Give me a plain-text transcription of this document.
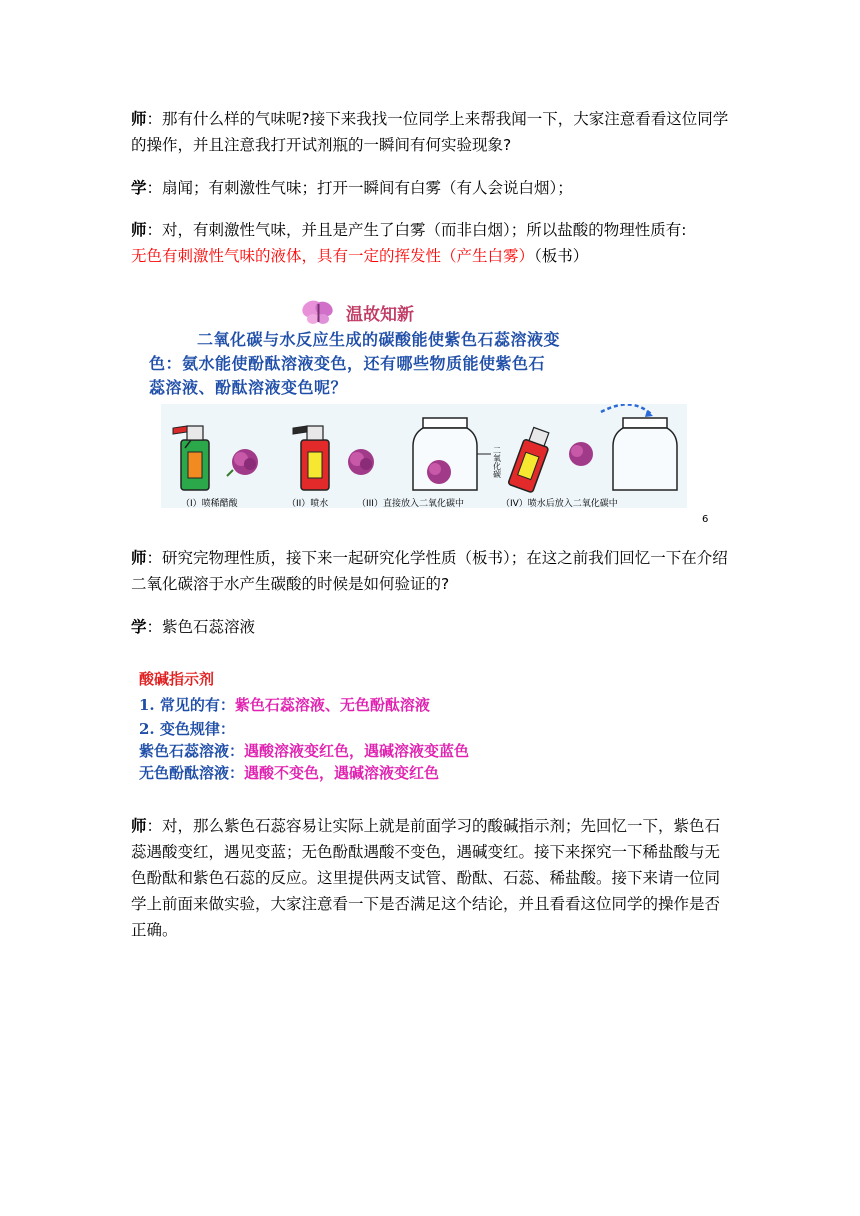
师：那有什么样的气味呢?接下来我找一位同学上来帮我闻一下，大家注意看看这位同学的操作，并且注意我打开试剂瓶的一瞬间有何实验现象?

学：扇闻；有刺激性气味；打开一瞬间有白雾（有人会说白烟）；

师：对，有刺激性气味，并且是产生了白雾（而非白烟）；所以盐酸的物理性质有:
无色有刺激性气味的液体，具有一定的挥发性（产生白雾）（板书）

温故知新
二氧化碳与水反应生成的碳酸能使紫色石蕊溶液变
色：氨水能使酚酞溶液变色，还有哪些物质能使紫色石
蕊溶液、酚酞溶液变色呢？
二氧化碳
（I）喷稀醋酸	（II）喷水	（III）直接放入二氧化碳中	（IV）喷水后放入二氧化碳中
6

师：研究完物理性质，接下来一起研究化学性质（板书）；在这之前我们回忆一下在介绍二氧化碳溶于水产生碳酸的时候是如何验证的?

学：紫色石蕊溶液

酸碱指示剂
1. 常见的有：紫色石蕊溶液、无色酚酞溶液
2. 变色规律：
紫色石蕊溶液：遇酸溶液变红色，遇碱溶液变蓝色
无色酚酞溶液：遇酸不变色，遇碱溶液变红色

师：对，那么紫色石蕊容易让实际上就是前面学习的酸碱指示剂；先回忆一下，紫色石蕊遇酸变红，遇见变蓝；无色酚酞遇酸不变色，遇碱变红。接下来探究一下稀盐酸与无色酚酞和紫色石蕊的反应。这里提供两支试管、酚酞、石蕊、稀盐酸。接下来请一位同学上前面来做实验，大家注意看一下是否满足这个结论，并且看看这位同学的操作是否正确。
